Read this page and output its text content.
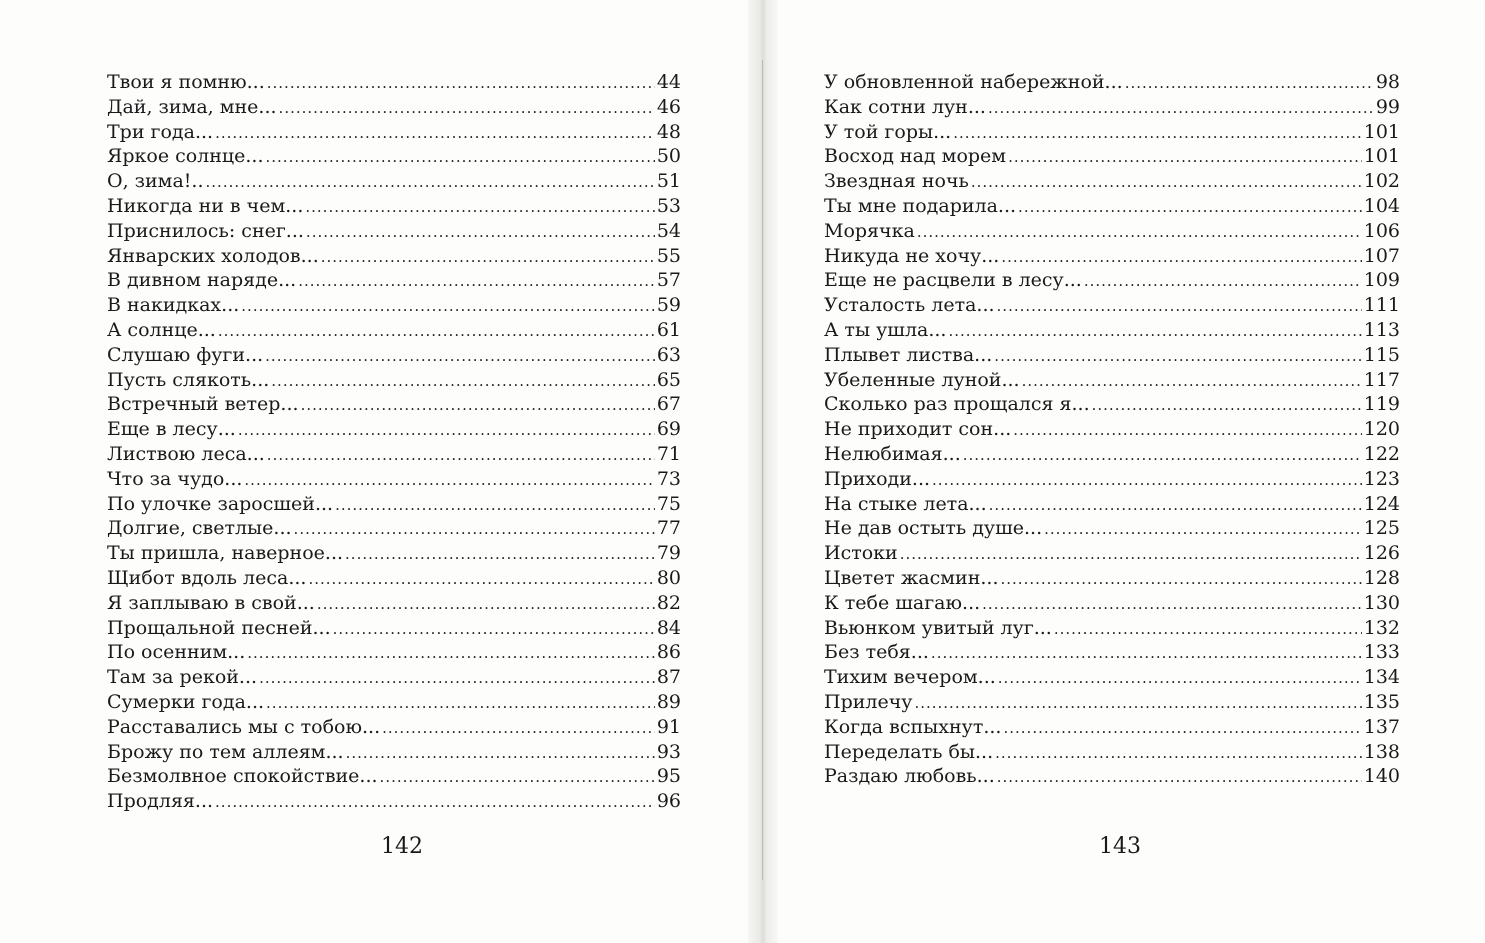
Твои я помню... .....	44
Дай, зима, мне... .....	46
Три года... .....	48
Яркое солнце... .....	50
О, зима!.. .....	51
Никогда ни в чем... .....	53
Приснилось: снег... .....	54
Январских холодов... .....	55
В дивном наряде... .....	57
В накидках... .....	59
А солнце... .....	61
Слушаю фуги... .....	63
Пусть слякоть... .....	65
Встречный ветер... .....	67
Еще в лесу... .....	69
Листвою леса... .....	71
Что за чудо... .....	73
По улочке заросшей... .....	75
Долгие, светлые... .....	77
Ты пришла, наверное... .....	79
Щибот вдоль леса... .....	80
Я заплываю в свой... .....	82
Прощальной песней... .....	84
По осенним... .....	86
Там за рекой... .....	87
Сумерки года... .....	89
Расставались мы с тобою... .....	91
Брожу по тем аллеям... .....	93
Безмолвное спокойствие... .....	95
Продляя... .....	96
142
У обновленной набережной... .....	98
Как сотни лун... .....	99
У той горы... .....	101
Восход над морем .....	101
Звездная ночь .....	102
Ты мне подарила... .....	104
Морячка .....	106
Никуда не хочу... .....	107
Еще не расцвели в лесу... .....	109
Усталость лета... .....	111
А ты ушла... .....	113
Плывет листва... .....	115
Убеленные луной... .....	117
Сколько раз прощался я... .....	119
Не приходит сон... .....	120
Нелюбимая... .....	122
Приходи... .....	123
На стыке лета... .....	124
Не дав остыть душе... .....	125
Истоки .....	126
Цветет жасмин... .....	128
К тебе шагаю... .....	130
Вьюнком увитый луг... .....	132
Без тебя... .....	133
Тихим вечером... .....	134
Прилечу .....	135
Когда вспыхнут... .....	137
Переделать бы... .....	138
Раздаю любовь... .....	140
143
